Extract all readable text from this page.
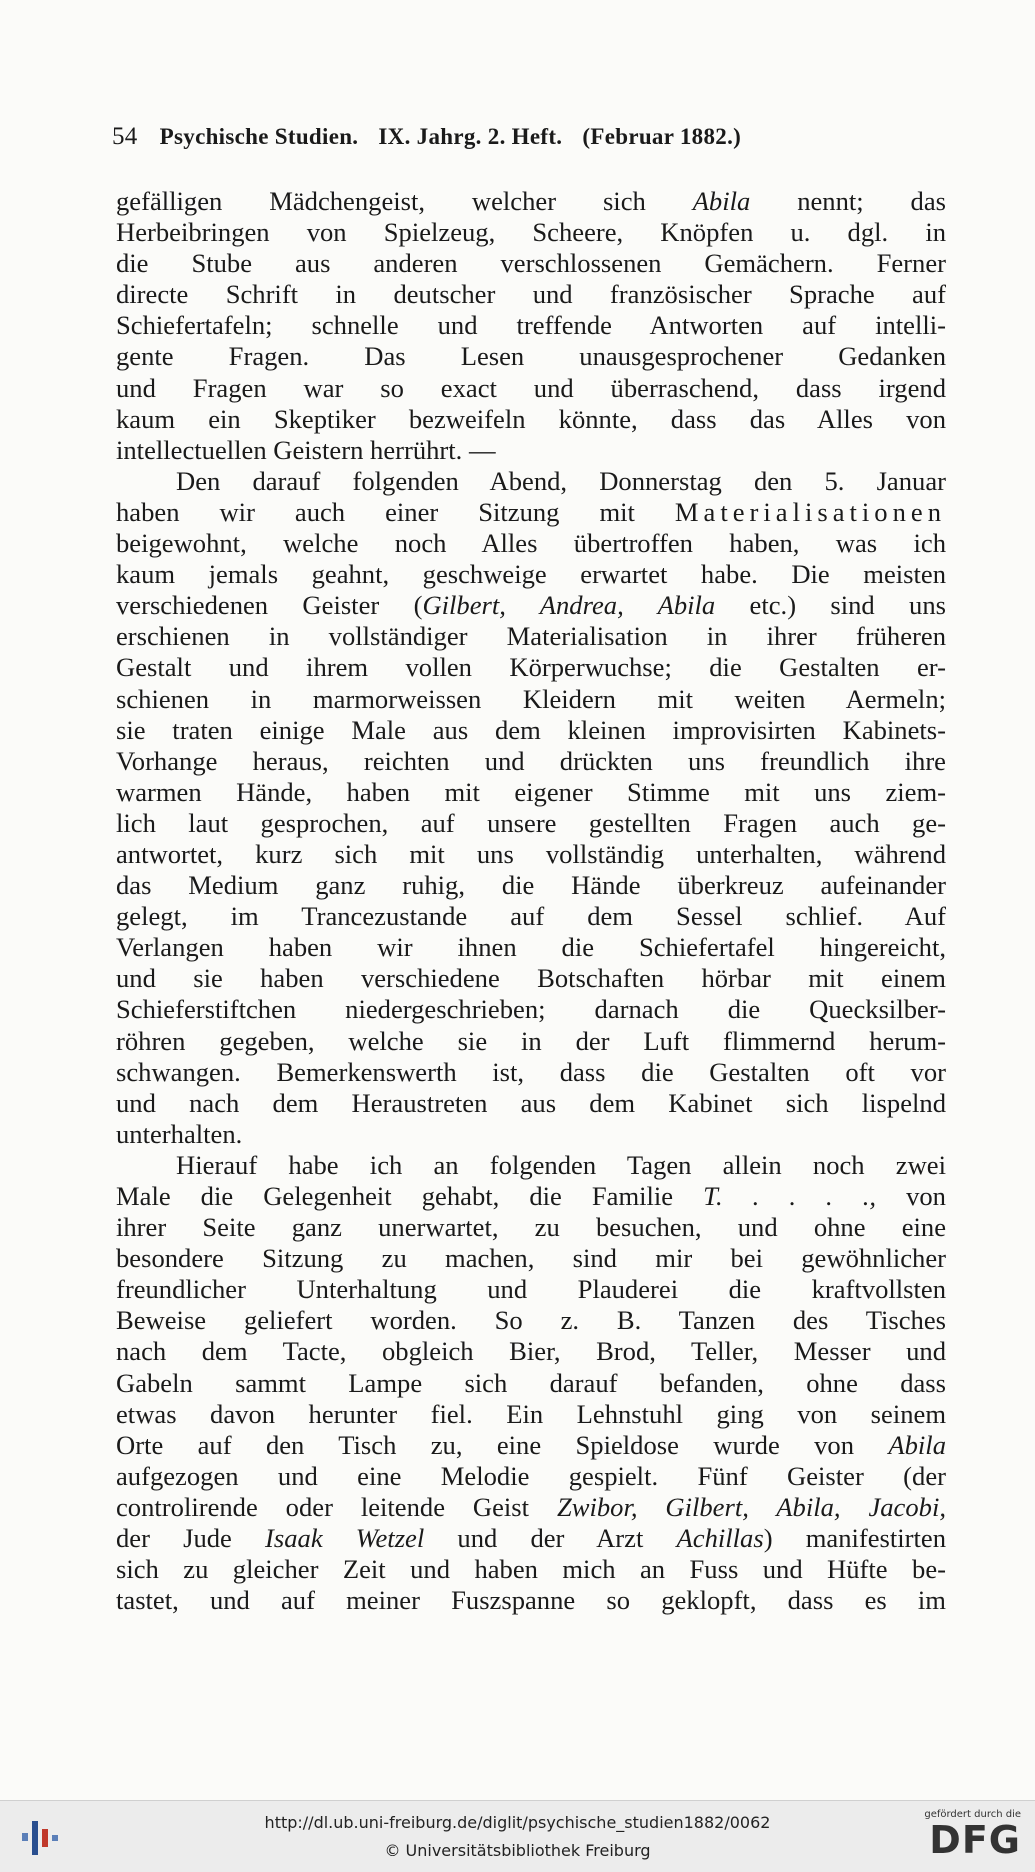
54 Psychische Studien. IX. Jahrg. 2. Heft. (Februar 1882.)

gefälligen Mädchengeist, welcher sich Abila nennt; das

Herbeibringen von Spielzeug, Scheere, Knöpfen u. dgl. in

die Stube aus anderen verschlossenen Gemächern. Ferner

directe Schrift in deutscher und französischer Sprache auf

Schiefertafeln; schnelle und treffende Antworten auf intelli-

gente Fragen. Das Lesen unausgesprochener Gedanken

und Fragen war so exact und überraschend, dass irgend

kaum ein Skeptiker bezweifeln könnte, dass das Alles von

intellectuellen Geistern herrührt. —

Den darauf folgenden Abend, Donnerstag den 5. Januar

haben wir auch einer Sitzung mit Materialisationen

beigewohnt, welche noch Alles übertroffen haben, was ich

kaum jemals geahnt, geschweige erwartet habe. Die meisten

verschiedenen Geister (Gilbert, Andrea, Abila etc.) sind uns

erschienen in vollständiger Materialisation in ihrer früheren

Gestalt und ihrem vollen Körperwuchse; die Gestalten er-

schienen in marmorweissen Kleidern mit weiten Aermeln;

sie traten einige Male aus dem kleinen improvisirten Kabinets-

Vorhange heraus, reichten und drückten uns freundlich ihre

warmen Hände, haben mit eigener Stimme mit uns ziem-

lich laut gesprochen, auf unsere gestellten Fragen auch ge-

antwortet, kurz sich mit uns vollständig unterhalten, während

das Medium ganz ruhig, die Hände überkreuz aufeinander

gelegt, im Trancezustande auf dem Sessel schlief. Auf

Verlangen haben wir ihnen die Schiefertafel hingereicht,

und sie haben verschiedene Botschaften hörbar mit einem

Schieferstiftchen niedergeschrieben; darnach die Quecksilber-

röhren gegeben, welche sie in der Luft flimmernd herum-

schwangen. Bemerkenswerth ist, dass die Gestalten oft vor

und nach dem Heraustreten aus dem Kabinet sich lispelnd

unterhalten.

Hierauf habe ich an folgenden Tagen allein noch zwei

Male die Gelegenheit gehabt, die Familie T. . . . ., von

ihrer Seite ganz unerwartet, zu besuchen, und ohne eine

besondere Sitzung zu machen, sind mir bei gewöhnlicher

freundlicher Unterhaltung und Plauderei die kraftvollsten

Beweise geliefert worden. So z. B. Tanzen des Tisches

nach dem Tacte, obgleich Bier, Brod, Teller, Messer und

Gabeln sammt Lampe sich darauf befanden, ohne dass

etwas davon herunter fiel. Ein Lehnstuhl ging von seinem

Orte auf den Tisch zu, eine Spieldose wurde von Abila

aufgezogen und eine Melodie gespielt. Fünf Geister (der

controlirende oder leitende Geist Zwibor, Gilbert, Abila, Jacobi,

der Jude Isaak Wetzel und der Arzt Achillas) manifestirten

sich zu gleicher Zeit und haben mich an Fuss und Hüfte be-

tastet, und auf meiner Fuszspanne so geklopft, dass es im

http://dl.ub.uni-freiburg.de/diglit/psychische_studien1882/0062
© Universitätsbibliothek Freiburg
gefördert durch die
DFG
